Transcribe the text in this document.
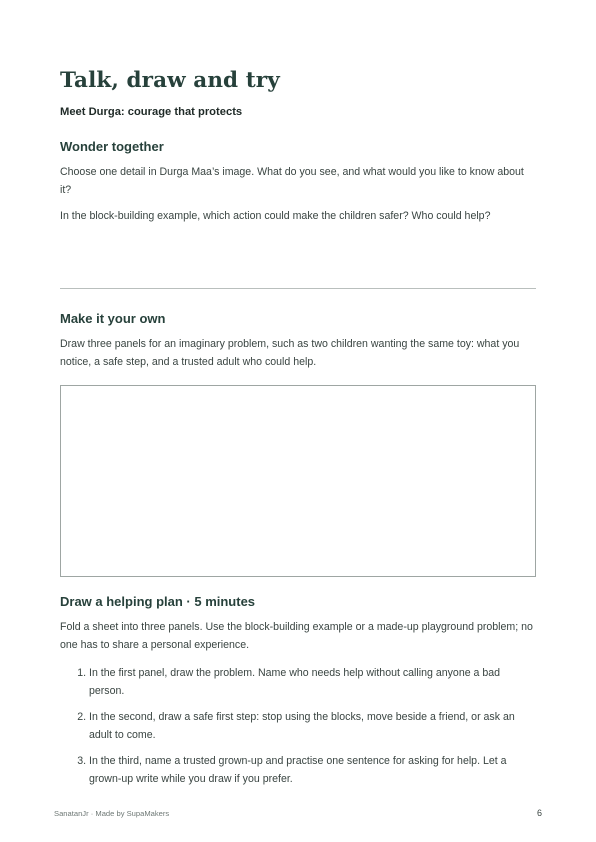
Talk, draw and try
Meet Durga: courage that protects
Wonder together

Choose one detail in Durga Maa’s image. What do you see, and what would you like to know about it?

In the block-building example, which action could make the children safer? Who could help?

Make it your own

Draw three panels for an imaginary problem, such as two children wanting the same toy: what you notice, a safe step, and a trusted adult who could help.

Draw a helping plan · 5 minutes

Fold a sheet into three panels. Use the block-building example or a made-up playground problem; no one has to share a personal experience.

1. In the first panel, draw the problem. Name who needs help without calling anyone a bad person.
2. In the second, draw a safe first step: stop using the blocks, move beside a friend, or ask an adult to come.
3. In the third, name a trusted grown-up and practise one sentence for asking for help. Let a grown-up write while you draw if you prefer.
SanatanJr · Made by SupaMakers	6
